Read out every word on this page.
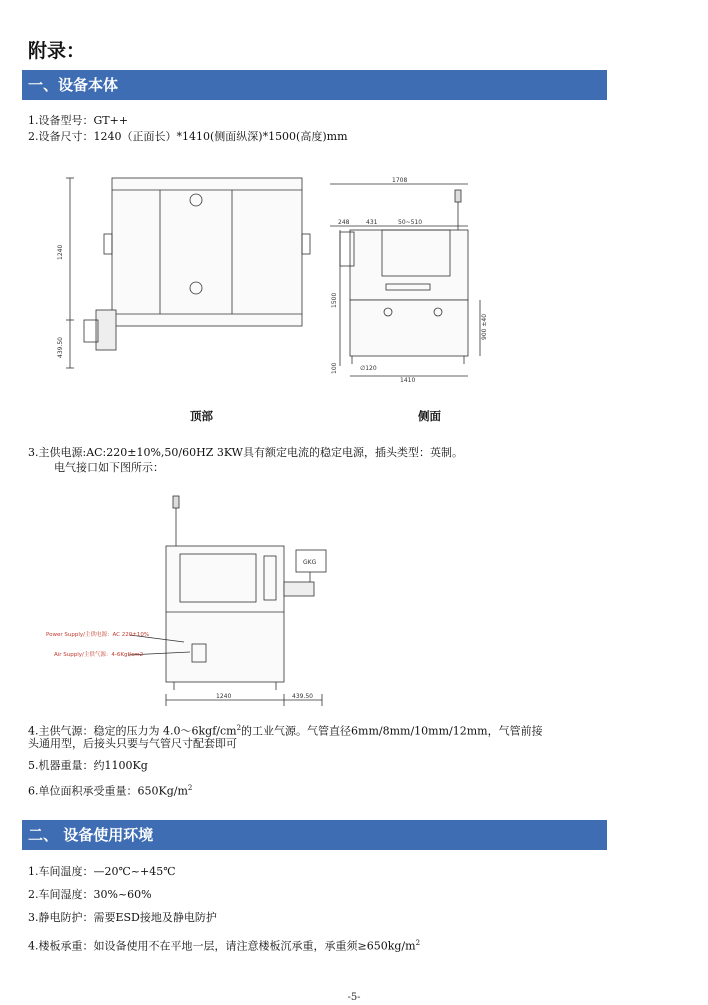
附录：
一、设备本体
1.设备型号：GT++
2.设备尺寸：1240（正面长）*1410(侧面纵深)*1500(高度)mm
1240
439.50
1708
248	431	50~510
1500
900 ±40
100	∅120
1410
顶部	侧面
3.主供电源:AC:220±10%,50/60HZ 3KW具有额定电流的稳定电源，插头类型：英制。
电气接口如下图所示：
Power Supply/主供电源：AC 220±10%
Air Supply/主供气源：4-6Kgf/cm2
GKG
1240	439.50
4.主供气源：稳定的压力为 $4.0\sim 6kgf/cm^2$的工业气源。气管直径6mm/8mm/10mm/12mm，气管前接
头通用型，后接头只要与气管尺寸配套即可
5.机器重量：约1100Kg
6.单位面积承受重量：$650Kg/m^2$
二、 设备使用环境
1.车间温度：—20℃~+45℃
2.车间湿度：30%~60%
3.静电防护：需要ESD接地及静电防护
4.楼板承重：如设备使用不在平地一层，请注意楼板沉承重，承重须$\ge 650kg/m^2$
-5-
